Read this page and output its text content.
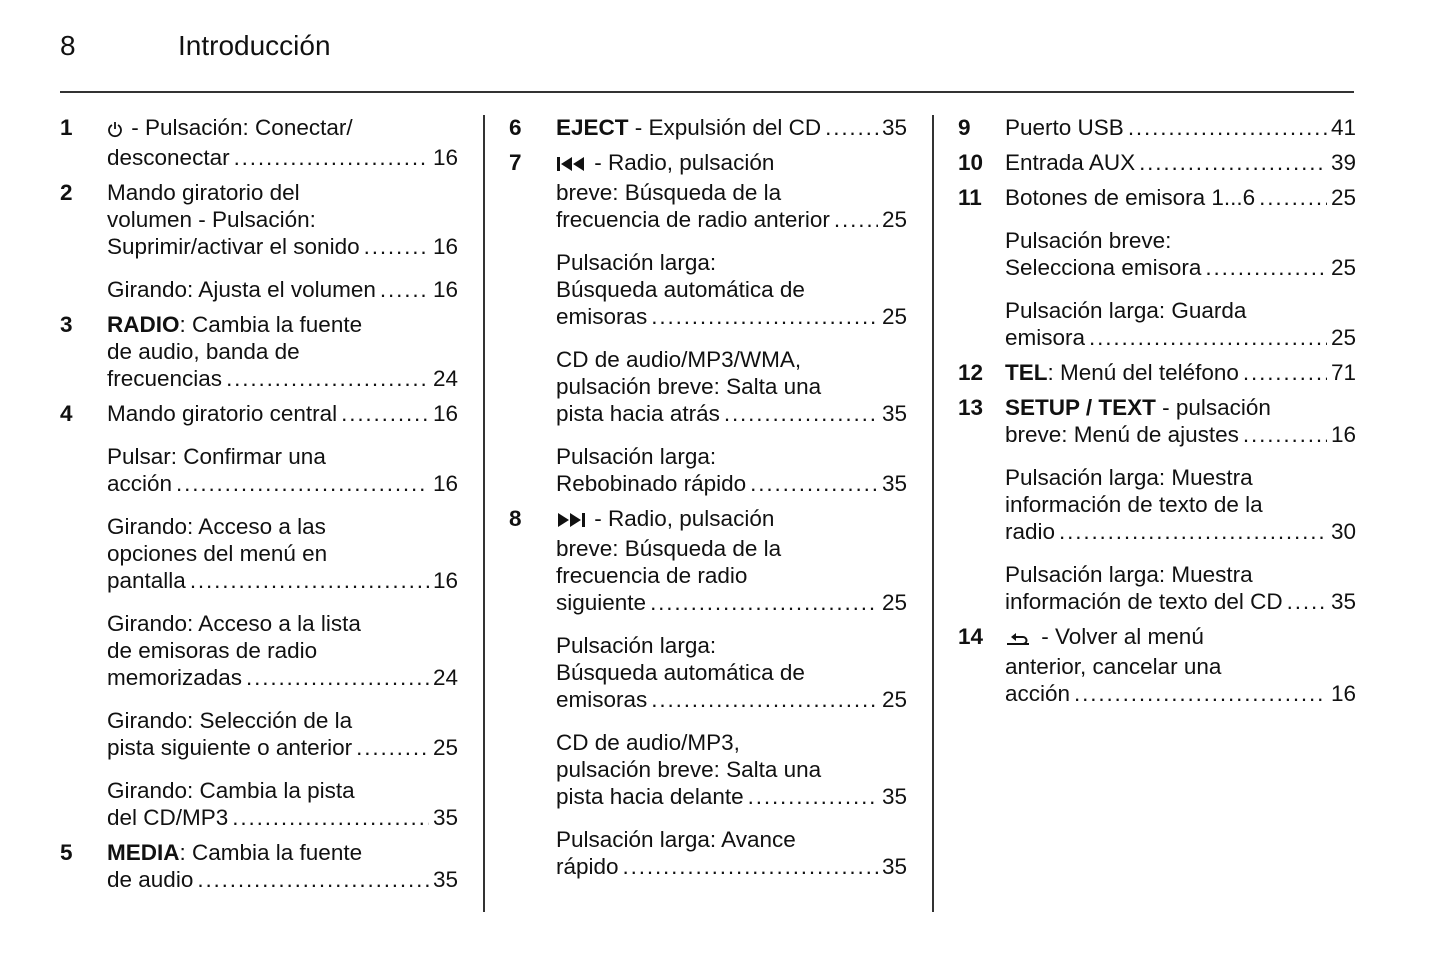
8	Introducción
1	- Pulsación: Conectar/
desconectar . . .	16
2 Mando giratorio del
volumen - Pulsación:
Suprimir/activar el sonido . . .	16
Girando: Ajusta el volumen . . .	16
3 RADIO: Cambia la fuente
de audio, banda de
frecuencias . . .	24
4 Mando giratorio central . . .	16
Pulsar: Confirmar una
acción . . .	16
Girando: Acceso a las
opciones del menú en
pantalla . . .	16
Girando: Acceso a la lista
de emisoras de radio
memorizadas . . .	24
Girando: Selección de la
pista siguiente o anterior . . .	25
Girando: Cambia la pista
del CD/MP3 . . .	35
5 MEDIA: Cambia la fuente
de audio . . .	35
6 EJECT - Expulsión del CD . . .	35
7	- Radio, pulsación
breve: Búsqueda de la
frecuencia de radio anterior . . . 25
Pulsación larga:
Búsqueda automática de
emisoras . . .	25
CD de audio/MP3/WMA,
pulsación breve: Salta una
pista hacia atrás . . .	35
Pulsación larga:
Rebobinado rápido . . .	35
8	- Radio, pulsación
breve: Búsqueda de la
frecuencia de radio
siguiente . . .	25
Pulsación larga:
Búsqueda automática de
emisoras . . .	25
CD de audio/MP3,
pulsación breve: Salta una
pista hacia delante . . .	35
Pulsación larga: Avance
rápido . . .	35
9 Puerto USB . . .	41
10 Entrada AUX . . .	39
11 Botones de emisora 1...6 . . .	25
Pulsación breve:
Selecciona emisora . . .	25
Pulsación larga: Guarda
emisora . . .	25
12 TEL: Menú del teléfono . . .	71
13 SETUP / TEXT - pulsación
breve: Menú de ajustes . . .	16
Pulsación larga: Muestra
información de texto de la
radio . . .	30
Pulsación larga: Muestra
información de texto del CD . . . 35
14	- Volver al menú
anterior, cancelar una
acción . . .	16
